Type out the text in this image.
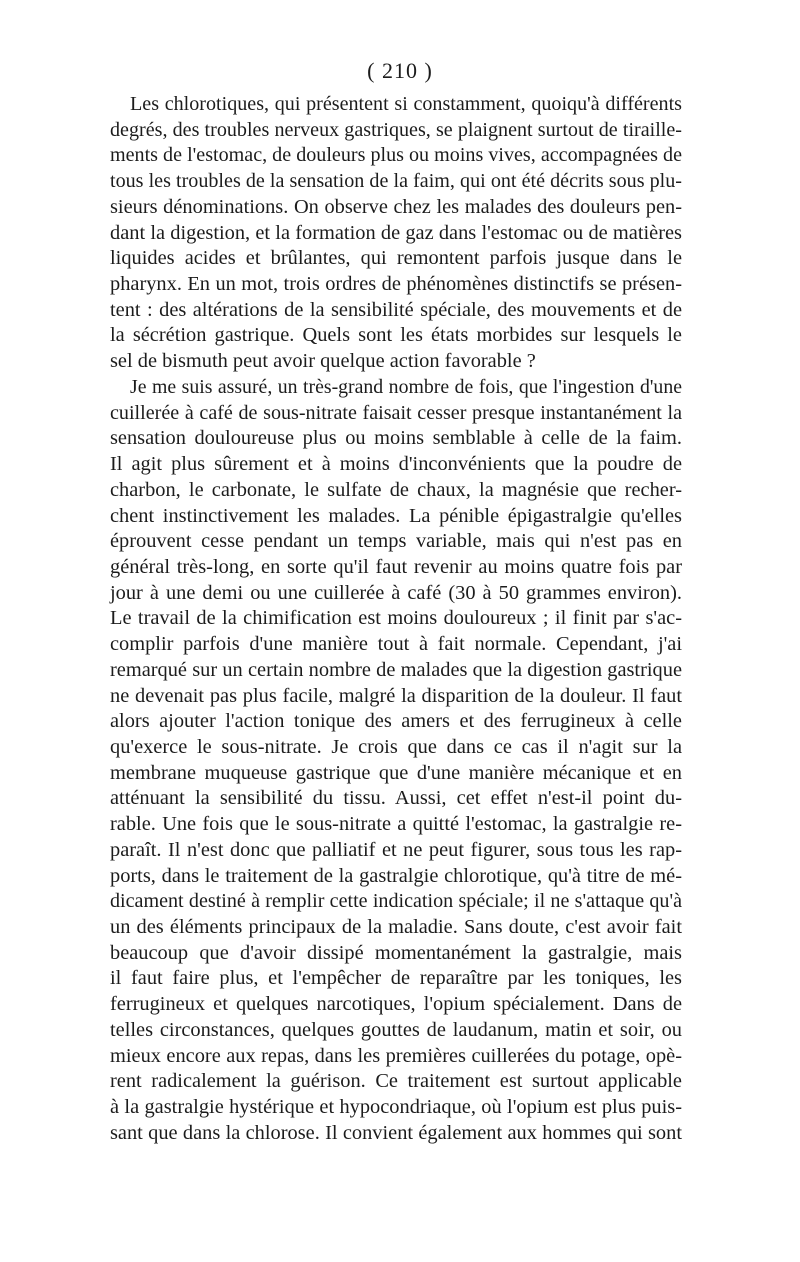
( 210 )
Les chlorotiques, qui présentent si constamment, quoiqu'à différents
degrés, des troubles nerveux gastriques, se plaignent surtout de tiraille-
ments de l'estomac, de douleurs plus ou moins vives, accompagnées de
tous les troubles de la sensation de la faim, qui ont été décrits sous plu-
sieurs dénominations. On observe chez les malades des douleurs pen-
dant la digestion, et la formation de gaz dans l'estomac ou de matières
liquides acides et brûlantes, qui remontent parfois jusque dans le
pharynx. En un mot, trois ordres de phénomènes distinctifs se présen-
tent : des altérations de la sensibilité spéciale, des mouvements et de
la sécrétion gastrique. Quels sont les états morbides sur lesquels le
sel de bismuth peut avoir quelque action favorable ?
Je me suis assuré, un très-grand nombre de fois, que l'ingestion d'une
cuillerée à café de sous-nitrate faisait cesser presque instantanément la
sensation douloureuse plus ou moins semblable à celle de la faim.
Il agit plus sûrement et à moins d'inconvénients que la poudre de
charbon, le carbonate, le sulfate de chaux, la magnésie que recher-
chent instinctivement les malades. La pénible épigastralgie qu'elles
éprouvent cesse pendant un temps variable, mais qui n'est pas en
général très-long, en sorte qu'il faut revenir au moins quatre fois par
jour à une demi ou une cuillerée à café (30 à 50 grammes environ).
Le travail de la chimification est moins douloureux ; il finit par s'ac-
complir parfois d'une manière tout à fait normale. Cependant, j'ai
remarqué sur un certain nombre de malades que la digestion gastrique
ne devenait pas plus facile, malgré la disparition de la douleur. Il faut
alors ajouter l'action tonique des amers et des ferrugineux à celle
qu'exerce le sous-nitrate. Je crois que dans ce cas il n'agit sur la
membrane muqueuse gastrique que d'une manière mécanique et en
atténuant la sensibilité du tissu. Aussi, cet effet n'est-il point du-
rable. Une fois que le sous-nitrate a quitté l'estomac, la gastralgie re-
paraît. Il n'est donc que palliatif et ne peut figurer, sous tous les rap-
ports, dans le traitement de la gastralgie chlorotique, qu'à titre de mé-
dicament destiné à remplir cette indication spéciale; il ne s'attaque qu'à
un des éléments principaux de la maladie. Sans doute, c'est avoir fait
beaucoup que d'avoir dissipé momentanément la gastralgie, mais
il faut faire plus, et l'empêcher de reparaître par les toniques, les
ferrugineux et quelques narcotiques, l'opium spécialement. Dans de
telles circonstances, quelques gouttes de laudanum, matin et soir, ou
mieux encore aux repas, dans les premières cuillerées du potage, opè-
rent radicalement la guérison. Ce traitement est surtout applicable
à la gastralgie hystérique et hypocondriaque, où l'opium est plus puis-
sant que dans la chlorose. Il convient également aux hommes qui sont
